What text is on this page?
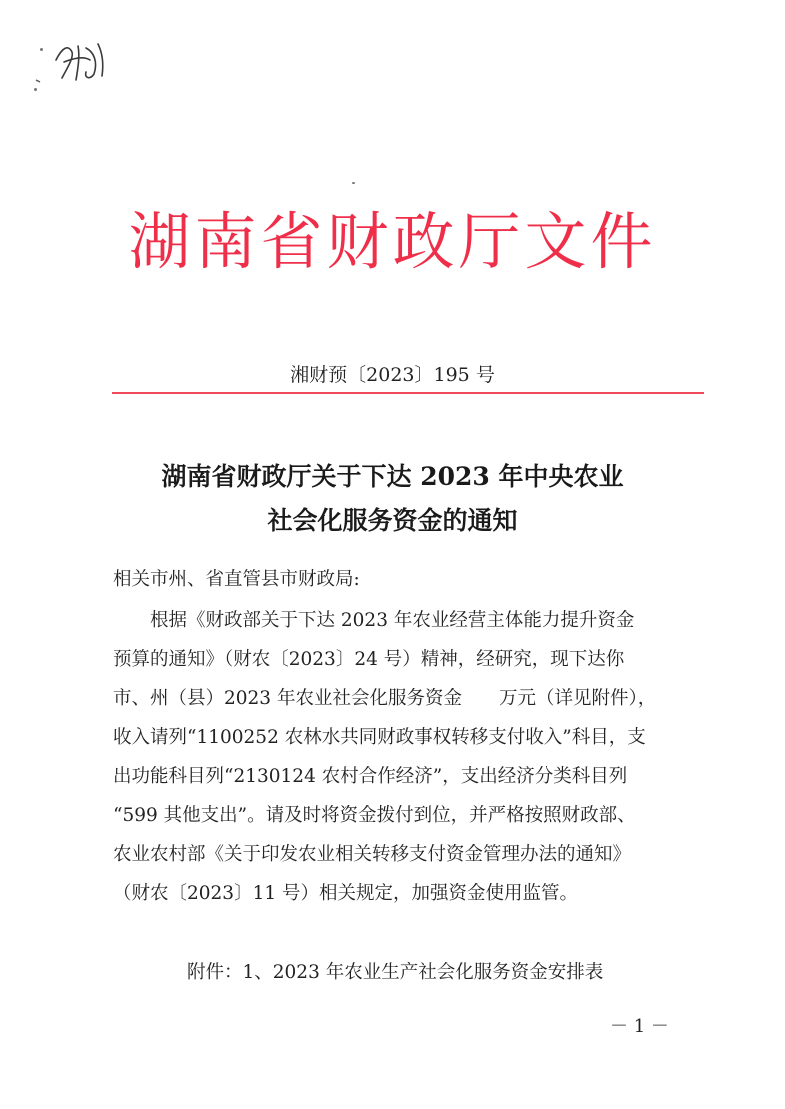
湖南省财政厅文件
湘财预〔2023〕195 号
湖南省财政厅关于下达 2023 年中央农业
社会化服务资金的通知
相关市州、省直管县市财政局:
根据《财政部关于下达 2023 年农业经营主体能力提升资金
预算的通知》（财农〔2023〕24 号）精神，经研究，现下达你
市、州（县）2023 年农业社会化服务资金　　万元（详见附件），
收入请列“1100252 农林水共同财政事权转移支付收入”科目，支
出功能科目列“2130124 农村合作经济”，支出经济分类科目列
“599 其他支出”。请及时将资金拨付到位，并严格按照财政部、
农业农村部《关于印发农业相关转移支付资金管理办法的通知》
（财农〔2023〕11 号）相关规定，加强资金使用监管。
附件：1、2023 年农业生产社会化服务资金安排表
－ 1 －
